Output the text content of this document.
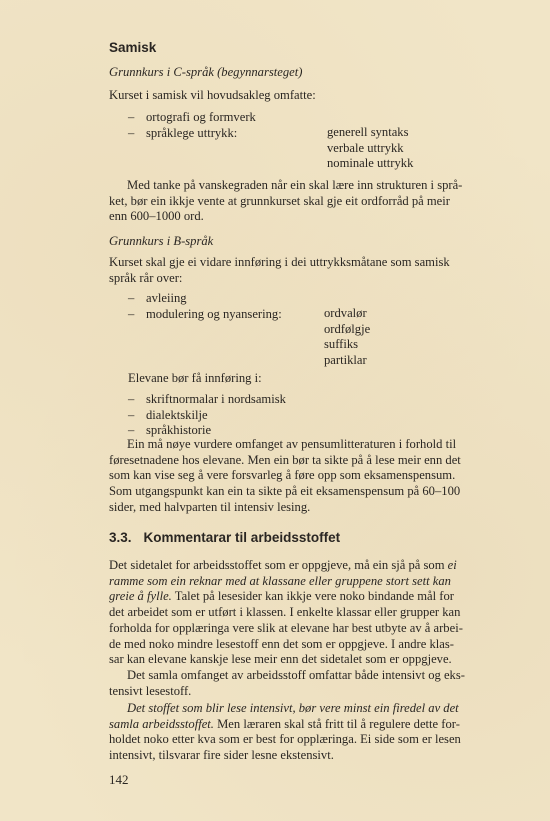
Samisk
Grunnkurs i C-språk (begynnarsteget)
Kurset i samisk vil hovudsakleg omfatte:
– ortografi og formverk
– språklege uttrykk:	generell syntaks
verbale uttrykk
nominale uttrykk
Med tanke på vanskegraden når ein skal lære inn strukturen i språ-
ket, bør ein ikkje vente at grunnkurset skal gje eit ordforråd på meir
enn 600–1000 ord.
Grunnkurs i B-språk
Kurset skal gje ei vidare innføring i dei uttrykksmåtane som samisk
språk rår over:
– avleiing
– modulering og nyansering:	ordvalør
ordfølgje
suffiks
partiklar
Elevane bør få innføring i:
– skriftnormalar i nordsamisk
– dialektskilje
– språkhistorie
Ein må nøye vurdere omfanget av pensumlitteraturen i forhold til
føresetnadene hos elevane. Men ein bør ta sikte på å lese meir enn det
som kan vise seg å vere forsvarleg å føre opp som eksamenspensum.
Som utgangspunkt kan ein ta sikte på eit eksamenspensum på 60–100
sider, med halvparten til intensiv lesing.
3.3. Kommentarar til arbeidsstoffet
Det sidetalet for arbeidsstoffet som er oppgjeve, må ein sjå på som ei
ramme som ein reknar med at klassane eller gruppene stort sett kan
greie å fylle. Talet på lesesider kan ikkje vere noko bindande mål for
det arbeidet som er utført i klassen. I enkelte klassar eller grupper kan
forholda for opplæringa vere slik at elevane har best utbyte av å arbei-
de med noko mindre lesestoff enn det som er oppgjeve. I andre klas-
sar kan elevane kanskje lese meir enn det sidetalet som er oppgjeve.
Det samla omfanget av arbeidsstoff omfattar både intensivt og eks-
tensivt lesestoff.
Det stoffet som blir lese intensivt, bør vere minst ein firedel av det
samla arbeidsstoffet. Men læraren skal stå fritt til å regulere dette for-
holdet noko etter kva som er best for opplæringa. Ei side som er lesen
intensivt, tilsvarar fire sider lesne ekstensivt.
142
